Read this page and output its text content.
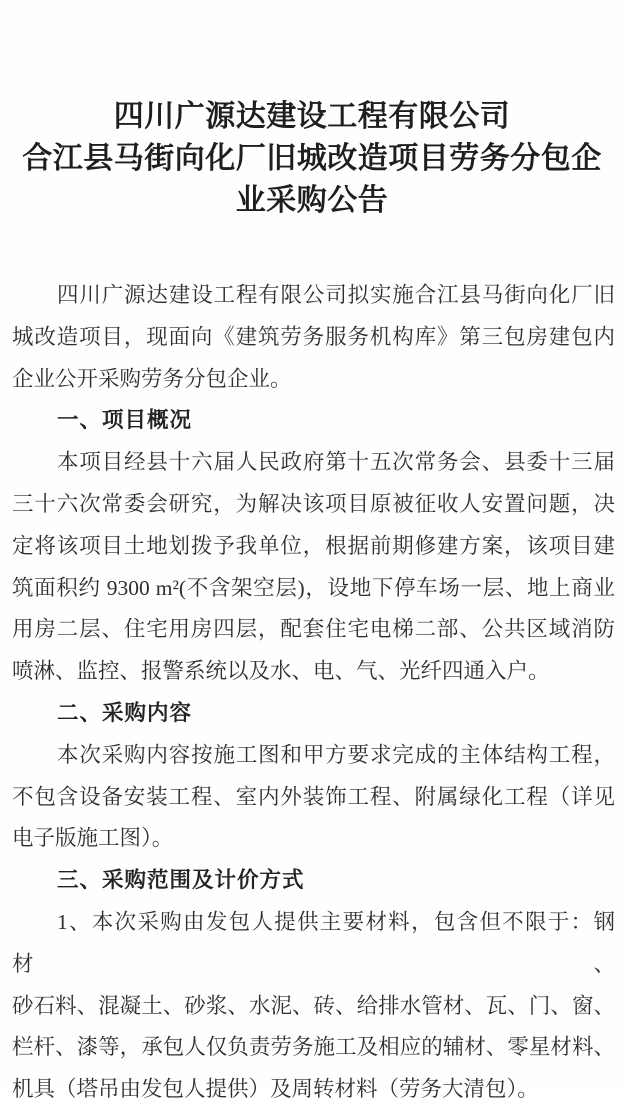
四川广源达建设工程有限公司
合江县马街向化厂旧城改造项目劳务分包企
业采购公告
四川广源达建设工程有限公司拟实施合江县马街向化厂旧
城改造项目，现面向《建筑劳务服务机构库》第三包房建包内
企业公开采购劳务分包企业。
一、项目概况
本项目经县十六届人民政府第十五次常务会、县委十三届
三十六次常委会研究，为解决该项目原被征收人安置问题，决
定将该项目土地划拨予我单位，根据前期修建方案，该项目建
筑面积约 9300 m²(不含架空层)，设地下停车场一层、地上商业
用房二层、住宅用房四层，配套住宅电梯二部、公共区域消防
喷淋、监控、报警系统以及水、电、气、光纤四通入户。
二、采购内容
本次采购内容按施工图和甲方要求完成的主体结构工程，
不包含设备安装工程、室内外装饰工程、附属绿化工程（详见
电子版施工图）。
三、采购范围及计价方式
1、本次采购由发包人提供主要材料，包含但不限于：钢材、
砂石料、混凝土、砂浆、水泥、砖、给排水管材、瓦、门、窗、
栏杆、漆等，承包人仅负责劳务施工及相应的辅材、零星材料、
机具（塔吊由发包人提供）及周转材料（劳务大清包）。
